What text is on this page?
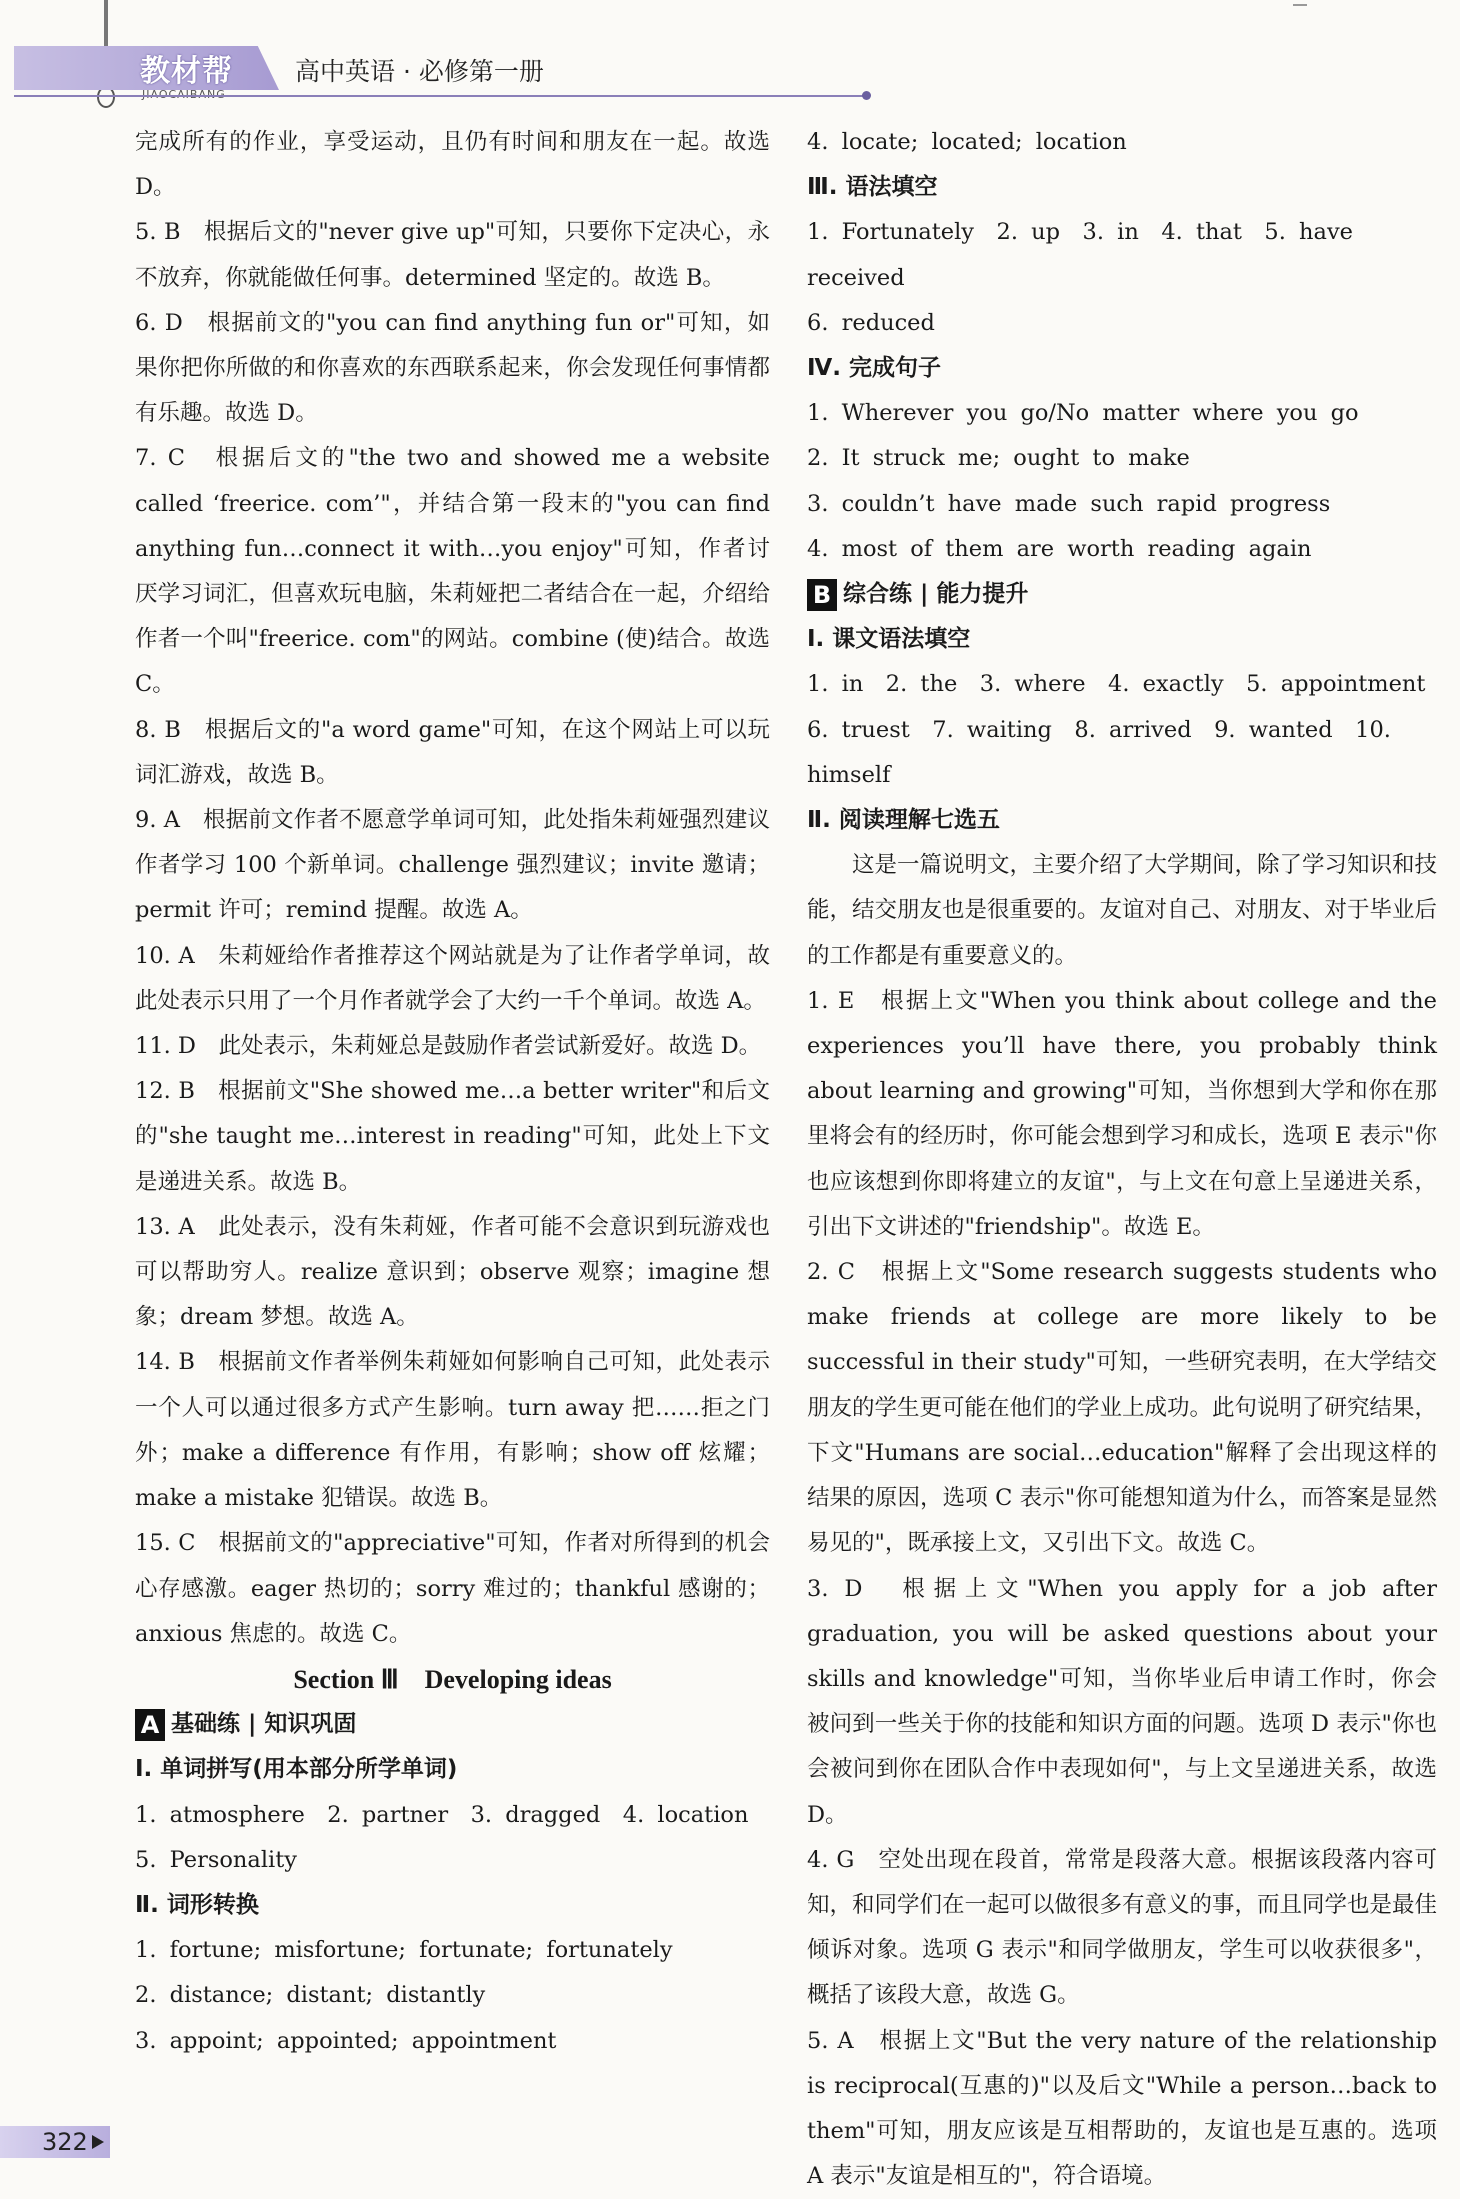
教材帮 高中英语 · 必修第一册

完成所有的作业，享受运动，且仍有时间和朋友在一起。故选 D。

5. B　根据后文的"never give up"可知，只要你下定决心，永不放弃，你就能做任何事。determined 坚定的。故选 B。

6. D　根据前文的"you can find anything fun or"可知，如果你把你所做的和你喜欢的东西联系起来，你会发现任何事情都有乐趣。故选 D。

7. C　根据后文的"the two and showed me a website called ‘freerice. com’"，并结合第一段末的"you can find anything fun…connect it with…you enjoy"可知，作者讨厌学习词汇，但喜欢玩电脑，朱莉娅把二者结合在一起，介绍给作者一个叫"freerice. com"的网站。combine (使)结合。故选 C。

8. B　根据后文的"a word game"可知，在这个网站上可以玩词汇游戏，故选 B。

9. A　根据前文作者不愿意学单词可知，此处指朱莉娅强烈建议作者学习 100 个新单词。challenge 强烈建议；invite 邀请；permit 许可；remind 提醒。故选 A。

10. A　朱莉娅给作者推荐这个网站就是为了让作者学单词，故此处表示只用了一个月作者就学会了大约一千个单词。故选 A。

11. D　此处表示，朱莉娅总是鼓励作者尝试新爱好。故选 D。

12. B　根据前文"She showed me…a better writer"和后文的"she taught me…interest in reading"可知，此处上下文是递进关系。故选 B。

13. A　此处表示，没有朱莉娅，作者可能不会意识到玩游戏也可以帮助穷人。realize 意识到；observe 观察；imagine 想象；dream 梦想。故选 A。

14. B　根据前文作者举例朱莉娅如何影响自己可知，此处表示一个人可以通过很多方式产生影响。turn away 把……拒之门外；make a difference 有作用，有影响；show off 炫耀；make a mistake 犯错误。故选 B。

15. C　根据前文的"appreciative"可知，作者对所得到的机会心存感激。eager 热切的；sorry 难过的；thankful 感谢的；anxious 焦虑的。故选 C。

Section Ⅲ　Developing ideas

A 基础练 | 知识巩固

Ⅰ. 单词拼写(用本部分所学单词)

1. atmosphere　2. partner　3. dragged　4. location　5. Personality

Ⅱ. 词形转换

1. fortune; misfortune; fortunate; fortunately

2. distance; distant; distantly

3. appoint; appointed; appointment

4. locate; located; location

Ⅲ. 语法填空

1. Fortunately　2. up　3. in　4. that　5. have received

6. reduced

Ⅳ. 完成句子

1. Wherever you go/No matter where you go

2. It struck me; ought to make

3. couldn’t have made such rapid progress

4. most of them are worth reading again

B 综合练 | 能力提升

Ⅰ. 课文语法填空

1. in　2. the　3. where　4. exactly　5. appointment

6. truest　7. waiting　8. arrived　9. wanted　10. himself

Ⅱ. 阅读理解七选五

这是一篇说明文，主要介绍了大学期间，除了学习知识和技能，结交朋友也是很重要的。友谊对自己、对朋友、对于毕业后的工作都是有重要意义的。

1. E　根据上文"When you think about college and the experiences you’ll have there, you probably think about learning and growing"可知，当你想到大学和你在那里将会有的经历时，你可能会想到学习和成长，选项 E 表示"你也应该想到你即将建立的友谊"，与上文在句意上呈递进关系，引出下文讲述的"friendship"。故选 E。

2. C　根据上文"Some research suggests students who make friends at college are more likely to be successful in their study"可知，一些研究表明，在大学结交朋友的学生更可能在他们的学业上成功。此句说明了研究结果，下文"Humans are social…education"解释了会出现这样的结果的原因，选项 C 表示"你可能想知道为什么，而答案是显然易见的"，既承接上文，又引出下文。故选 C。

3. D　根据上文"When you apply for a job after graduation, you will be asked questions about your skills and knowledge"可知，当你毕业后申请工作时，你会被问到一些关于你的技能和知识方面的问题。选项 D 表示"你也会被问到你在团队合作中表现如何"，与上文呈递进关系，故选 D。

4. G　空处出现在段首，常常是段落大意。根据该段落内容可知，和同学们在一起可以做很多有意义的事，而且同学也是最佳倾诉对象。选项 G 表示"和同学做朋友，学生可以收获很多"，概括了该段大意，故选 G。

5. A　根据上文"But the very nature of the relationship is reciprocal(互惠的)"以及后文"While a person…back to them"可知，朋友应该是互相帮助的，友谊也是互惠的。选项 A 表示"友谊是相互的"，符合语境。

322
